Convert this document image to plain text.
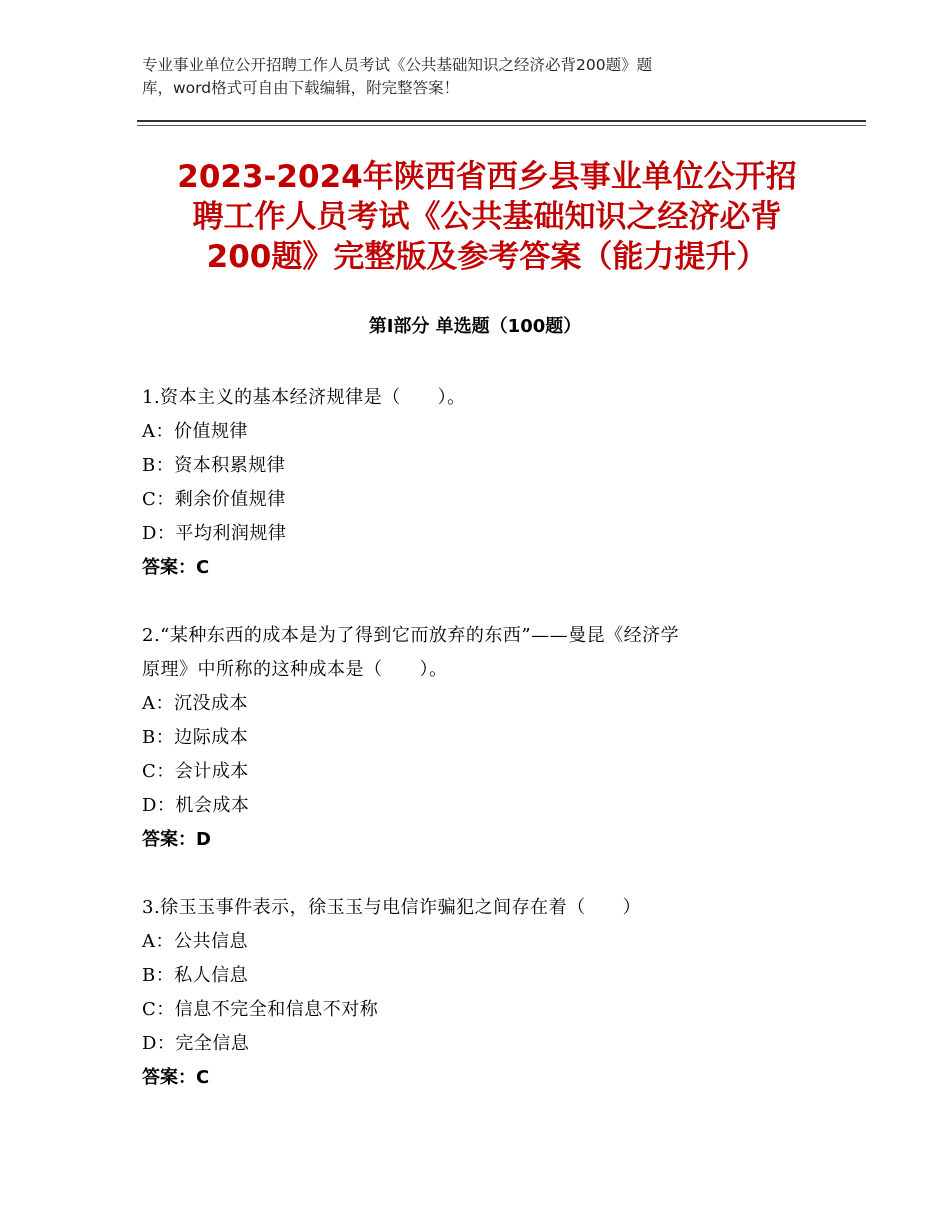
专业事业单位公开招聘工作人员考试《公共基础知识之经济必背200题》题
库，word格式可自由下载编辑，附完整答案！
2023-2024年陕西省西乡县事业单位公开招
聘工作人员考试《公共基础知识之经济必背
200题》完整版及参考答案（能力提升）
第Ⅰ部分 单选题（100题）

1.资本主义的基本经济规律是（　　）。

A：价值规律

B：资本积累规律

C：剩余价值规律

D：平均利润规律

答案：C

2.“某种东西的成本是为了得到它而放弃的东西”——曼昆《经济学

原理》中所称的这种成本是（　　）。

A：沉没成本

B：边际成本

C：会计成本

D：机会成本

答案：D

3.徐玉玉事件表示，徐玉玉与电信诈骗犯之间存在着（　　）

A：公共信息

B：私人信息

C：信息不完全和信息不对称

D：完全信息

答案：C
